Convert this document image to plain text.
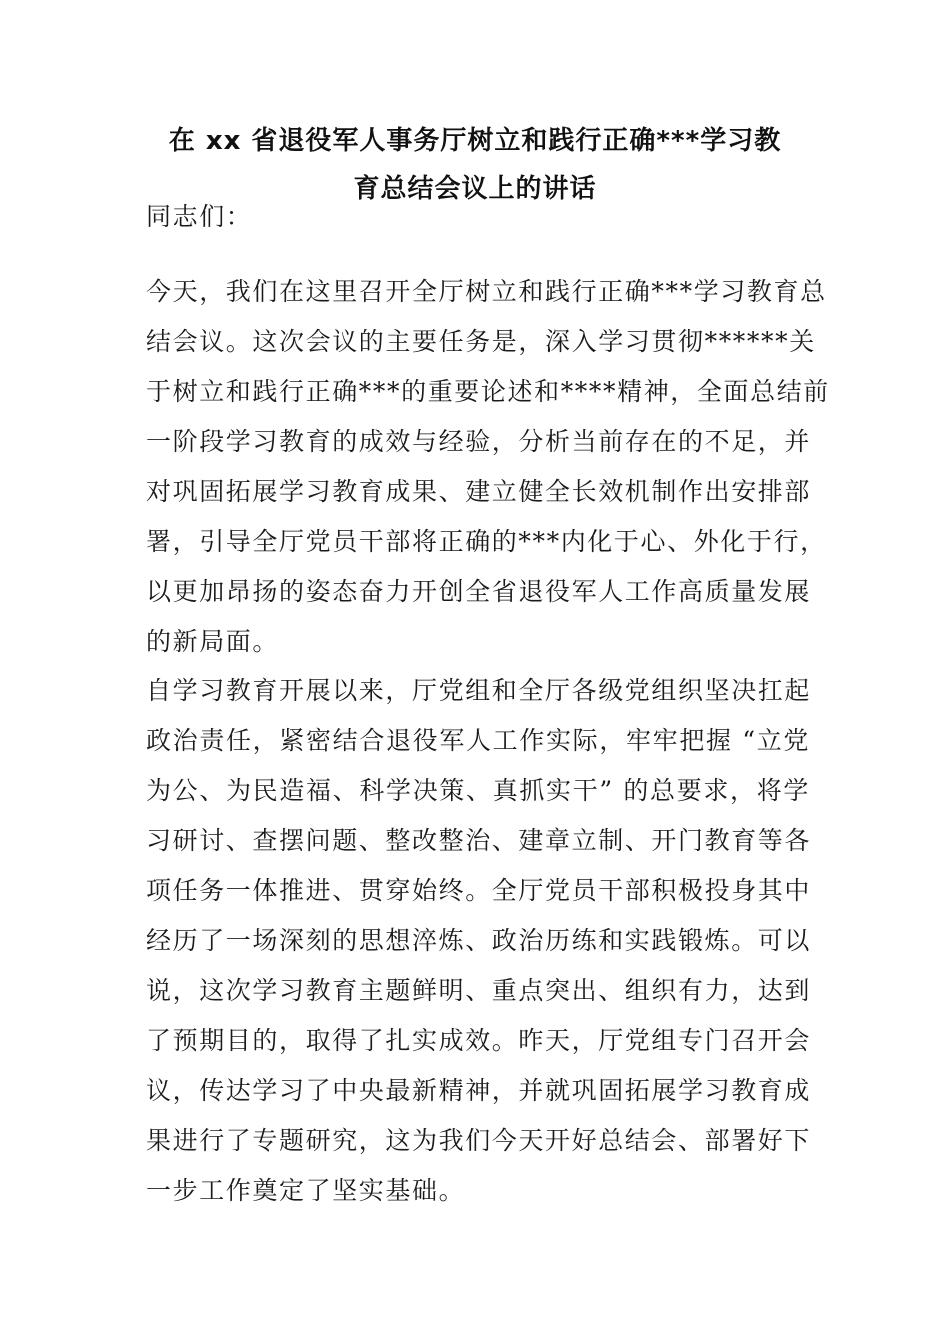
在 xx 省退役军人事务厅树立和践行正确***学习教
育总结会议上的讲话
同志们：
今天，我们在这里召开全厅树立和践行正确***学习教育总
结会议。这次会议的主要任务是，深入学习贯彻******关
于树立和践行正确***的重要论述和****精神，全面总结前
一阶段学习教育的成效与经验，分析当前存在的不足，并
对巩固拓展学习教育成果、建立健全长效机制作出安排部
署，引导全厅党员干部将正确的***内化于心、外化于行，
以更加昂扬的姿态奋力开创全省退役军人工作高质量发展
的新局面。
自学习教育开展以来，厅党组和全厅各级党组织坚决扛起
政治责任，紧密结合退役军人工作实际，牢牢把握 “立党
为公、为民造福、科学决策、真抓实干” 的总要求，将学
习研讨、查摆问题、整改整治、建章立制、开门教育等各
项任务一体推进、贯穿始终。全厅党员干部积极投身其中
经历了一场深刻的思想淬炼、政治历练和实践锻炼。可以
说，这次学习教育主题鲜明、重点突出、组织有力，达到
了预期目的，取得了扎实成效。昨天，厅党组专门召开会
议，传达学习了中央最新精神，并就巩固拓展学习教育成
果进行了专题研究，这为我们今天开好总结会、部署好下
一步工作奠定了坚实基础。
